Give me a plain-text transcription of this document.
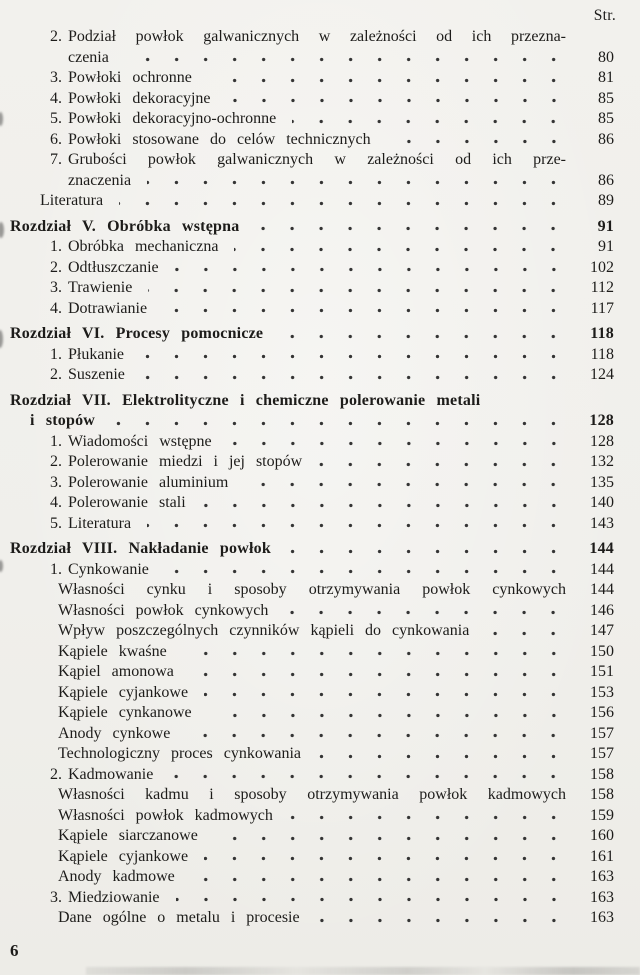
Str.
2. Podział powłok galwanicznych w zależności od ich przezna-
czenia	80
3. Powłoki ochronne	81
4. Powłoki dekoracyjne	85
5. Powłoki dekoracyjno-ochronne	85
6. Powłoki stosowane do celów technicznych	86
7. Grubości powłok galwanicznych w zależności od ich prze-
znaczenia	86
Literatura	89
Rozdział V. Obróbka wstępna	91
1. Obróbka mechaniczna	91
2. Odtłuszczanie	102
3. Trawienie	112
4. Dotrawianie	117
Rozdział VI. Procesy pomocnicze	118
1. Płukanie	118
2. Suszenie	124
Rozdział VII. Elektrolityczne i chemiczne polerowanie metali
i stopów	128
1. Wiadomości wstępne	128
2. Polerowanie miedzi i jej stopów	132
3. Polerowanie aluminium	135
4. Polerowanie stali	140
5. Literatura	143
Rozdział VIII. Nakładanie powłok	144
1. Cynkowanie	144
Własności cynku i sposoby otrzymywania powłok cynkowych	144
Własności powłok cynkowych	146
Wpływ poszczególnych czynników kąpieli do cynkowania	147
Kąpiele kwaśne	150
Kąpiel amonowa	151
Kąpiele cyjankowe	153
Kąpiele cynkanowe	156
Anody cynkowe	157
Technologiczny proces cynkowania	157
2. Kadmowanie	158
Własności kadmu i sposoby otrzymywania powłok kadmowych	158
Własności powłok kadmowych	159
Kąpiele siarczanowe	160
Kąpiele cyjankowe	161
Anody kadmowe	163
3. Miedziowanie	163
Dane ogólne o metalu i procesie	163
6
